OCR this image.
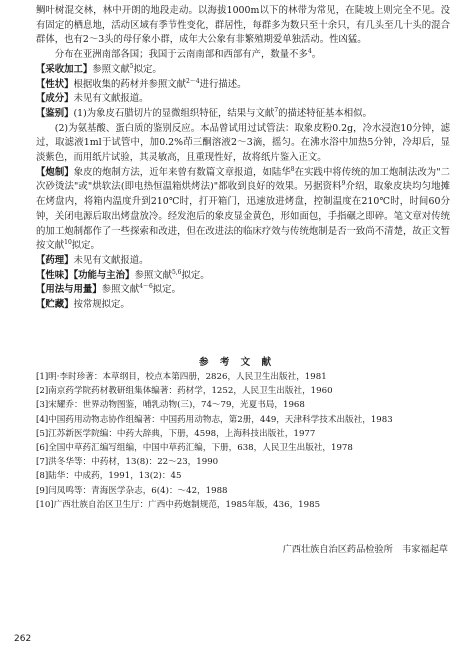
鲷叶树混交林，林中开朗的地段走动。以海拔1000m以下的林带为常见，在陡坡上则完全不见。没有固定的栖息地，活动区域有季节性变化，群居性，每群多为数只至十余只，有几头至几十头的混合群体，也有2～3头的母仔象小群，成年大公象有非繁殖期爱单独活动。性凶猛。

分布在亚洲南部各国；我国于云南南部和西部有产，数量不多$^4$。

【采收加工】参照文献$^5$拟定。

【性状】根据收集的药材并参照文献$^{2\sim 4}$进行描述。

【成分】未见有文献报道。

【鉴别】(1)为象皮石腊切片的显微组织特征，结果与文献$^7$的描述特征基本相似。

(2)为氨基酸、蛋白质的鉴别反应。本品曾试用过试管法：取象皮粉0.2g，冷水浸泡10分钟，滤过，取滤液1ml于试管中，加0.2%茚三酮溶液2～3滴，摇匀。在沸水浴中加热5分钟，冷却后，显淡紫色，而用纸片试验，其灵敏高，且重现性好，故将纸片鉴入正文。

【炮制】象皮的炮制方法，近年来曾有数篇文章报道，如陆华$^8$在实践中将传统的加工炮制法改为"二次砂烫法"或"烘软法(即电热恒温箱烘烤法)"都收到良好的效果。另据资料$^9$介绍，取象皮块均匀地摊在烤盘内，将箱内温度升到210℃时，打开箱门，迅速放进烤盘，控制温度在210℃时，时间60分钟，关闭电源后取出烤盘放冷。经发泡后的象皮显金黄色，形如面包，手指碾之即碎。笔文章对传统的加工炮制都作了一些探索和改进，但在改进法的临床疗效与传统炮制是否一致尚不清楚，故正文暂按文献$^{10}$拟定。

【药理】未见有文献报道。

【性味】【功能与主治】参照文献$^{5,6}$拟定。

【用法与用量】参照文献$^{4\sim 6}$拟定。

【贮藏】按常规拟定。

参 考 文 献
[1]明·李时珍著：本草纲目，校点本第四册，2826，人民卫生出版社，1981
[2]南京药学院药材教研组集体编著：药材学，1252，人民卫生出版社，1960
[3]宋耀乔：世界动物图鉴，哺乳动物(三)，74～79，光夏书局，1968
[4]中国药用动物志协作组编著：中国药用动物志，第2册，449，天津科学技术出版社，1983
[5]江苏新医学院编：中药大辞典，下册，4598，上海科技出版社，1977
[6]全国中草药汇编写组编，中国中草药汇编，下册，638，人民卫生出版社，1978
[7]洪冬华等：中药材，13(8)：22～23，1990
[8]陆华：中成药，1991，13(2)：45
[9]闫凤鸣等：青海医学杂志，6(4)：～42，1988
[10]广西壮族自治区卫生厅：广西中药炮制规范，1985年版，436，1985
广西壮族自治区药品检验所　韦家福起草
262
